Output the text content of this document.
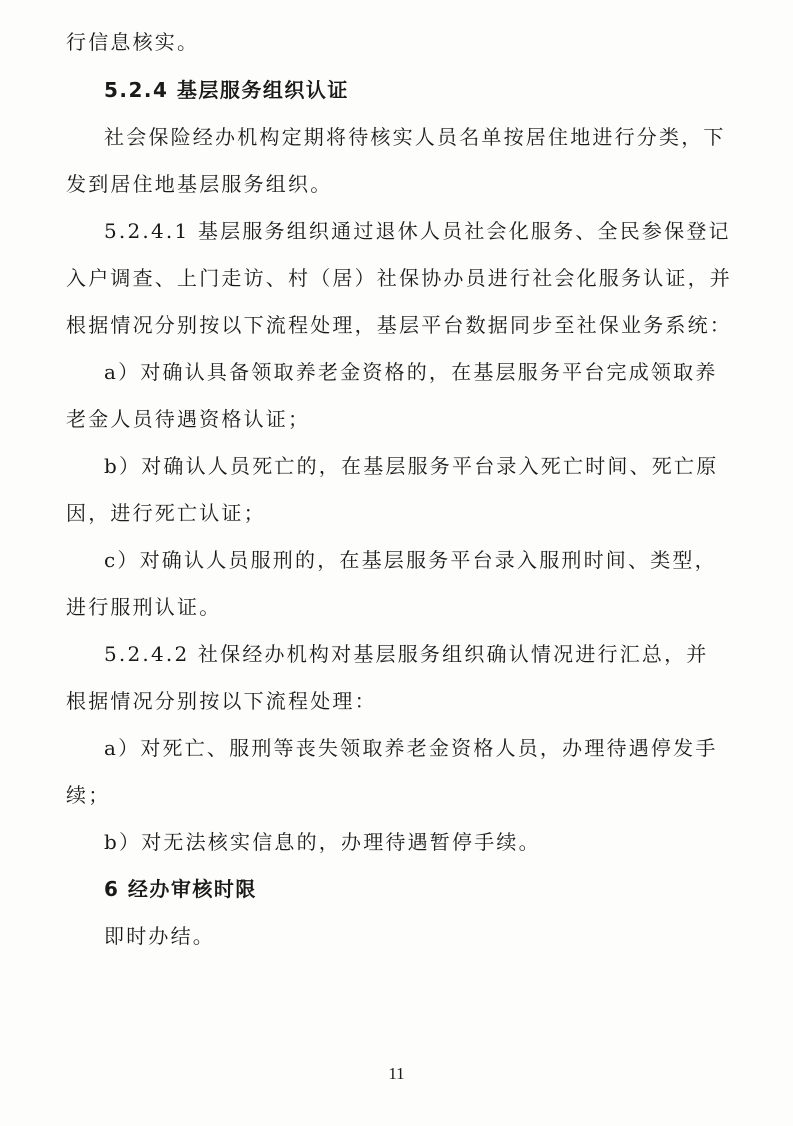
行信息核实。
5.2.4 基层服务组织认证
社会保险经办机构定期将待核实人员名单按居住地进行分类，下
发到居住地基层服务组织。
5.2.4.1 基层服务组织通过退休人员社会化服务、全民参保登记
入户调查、上门走访、村（居）社保协办员进行社会化服务认证，并
根据情况分别按以下流程处理，基层平台数据同步至社保业务系统：
a）对确认具备领取养老金资格的，在基层服务平台完成领取养
老金人员待遇资格认证；
b）对确认人员死亡的，在基层服务平台录入死亡时间、死亡原
因，进行死亡认证；
c）对确认人员服刑的，在基层服务平台录入服刑时间、类型，
进行服刑认证。
5.2.4.2 社保经办机构对基层服务组织确认情况进行汇总，并
根据情况分别按以下流程处理：
a）对死亡、服刑等丧失领取养老金资格人员，办理待遇停发手
续；
b）对无法核实信息的，办理待遇暂停手续。
6 经办审核时限
即时办结。
11
